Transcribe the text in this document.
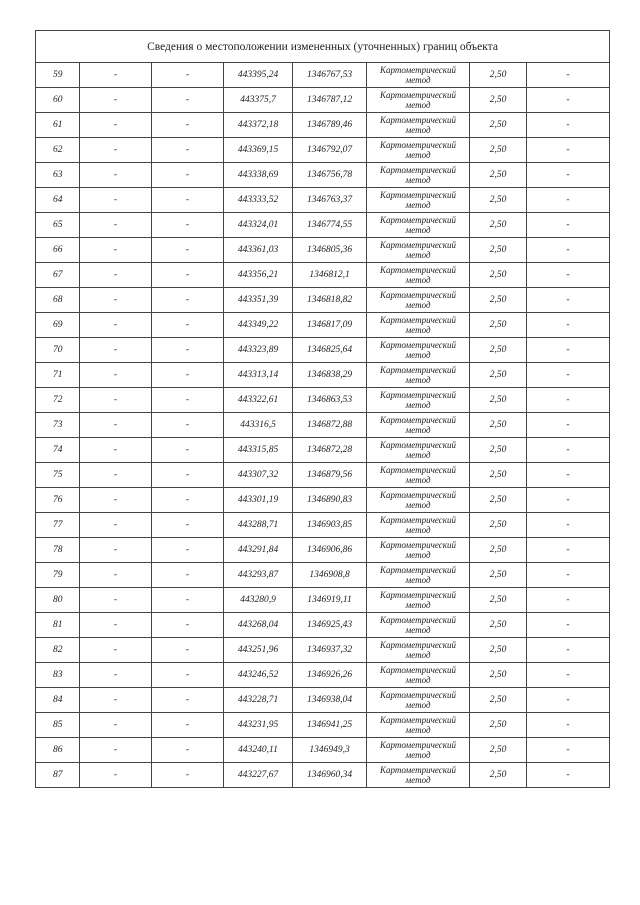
Сведения о местоположении измененных (уточненных) границ объекта							
59	-	-	443395,24	1346767,53	Картометрический метод	2,50	-
60	-	-	443375,7	1346787,12	Картометрический метод	2,50	-
61	-	-	443372,18	1346789,46	Картометрический метод	2,50	-
62	-	-	443369,15	1346792,07	Картометрический метод	2,50	-
63	-	-	443338,69	1346756,78	Картометрический метод	2,50	-
64	-	-	443333,52	1346763,37	Картометрический метод	2,50	-
65	-	-	443324,01	1346774,55	Картометрический метод	2,50	-
66	-	-	443361,03	1346805,36	Картометрический метод	2,50	-
67	-	-	443356,21	1346812,1	Картометрический метод	2,50	-
68	-	-	443351,39	1346818,82	Картометрический метод	2,50	-
69	-	-	443349,22	1346817,09	Картометрический метод	2,50	-
70	-	-	443323,89	1346825,64	Картометрический метод	2,50	-
71	-	-	443313,14	1346838,29	Картометрический метод	2,50	-
72	-	-	443322,61	1346863,53	Картометрический метод	2,50	-
73	-	-	443316,5	1346872,88	Картометрический метод	2,50	-
74	-	-	443315,85	1346872,28	Картометрический метод	2,50	-
75	-	-	443307,32	1346879,56	Картометрический метод	2,50	-
76	-	-	443301,19	1346890,83	Картометрический метод	2,50	-
77	-	-	443288,71	1346903,85	Картометрический метод	2,50	-
78	-	-	443291,84	1346906,86	Картометрический метод	2,50	-
79	-	-	443293,87	1346908,8	Картометрический метод	2,50	-
80	-	-	443280,9	1346919,11	Картометрический метод	2,50	-
81	-	-	443268,04	1346925,43	Картометрический метод	2,50	-
82	-	-	443251,96	1346937,32	Картометрический метод	2,50	-
83	-	-	443246,52	1346926,26	Картометрический метод	2,50	-
84	-	-	443228,71	1346938,04	Картометрический метод	2,50	-
85	-	-	443231,95	1346941,25	Картометрический метод	2,50	-
86	-	-	443240,11	1346949,3	Картометрический метод	2,50	-
87	-	-	443227,67	1346960,34	Картометрический метод	2,50	-
